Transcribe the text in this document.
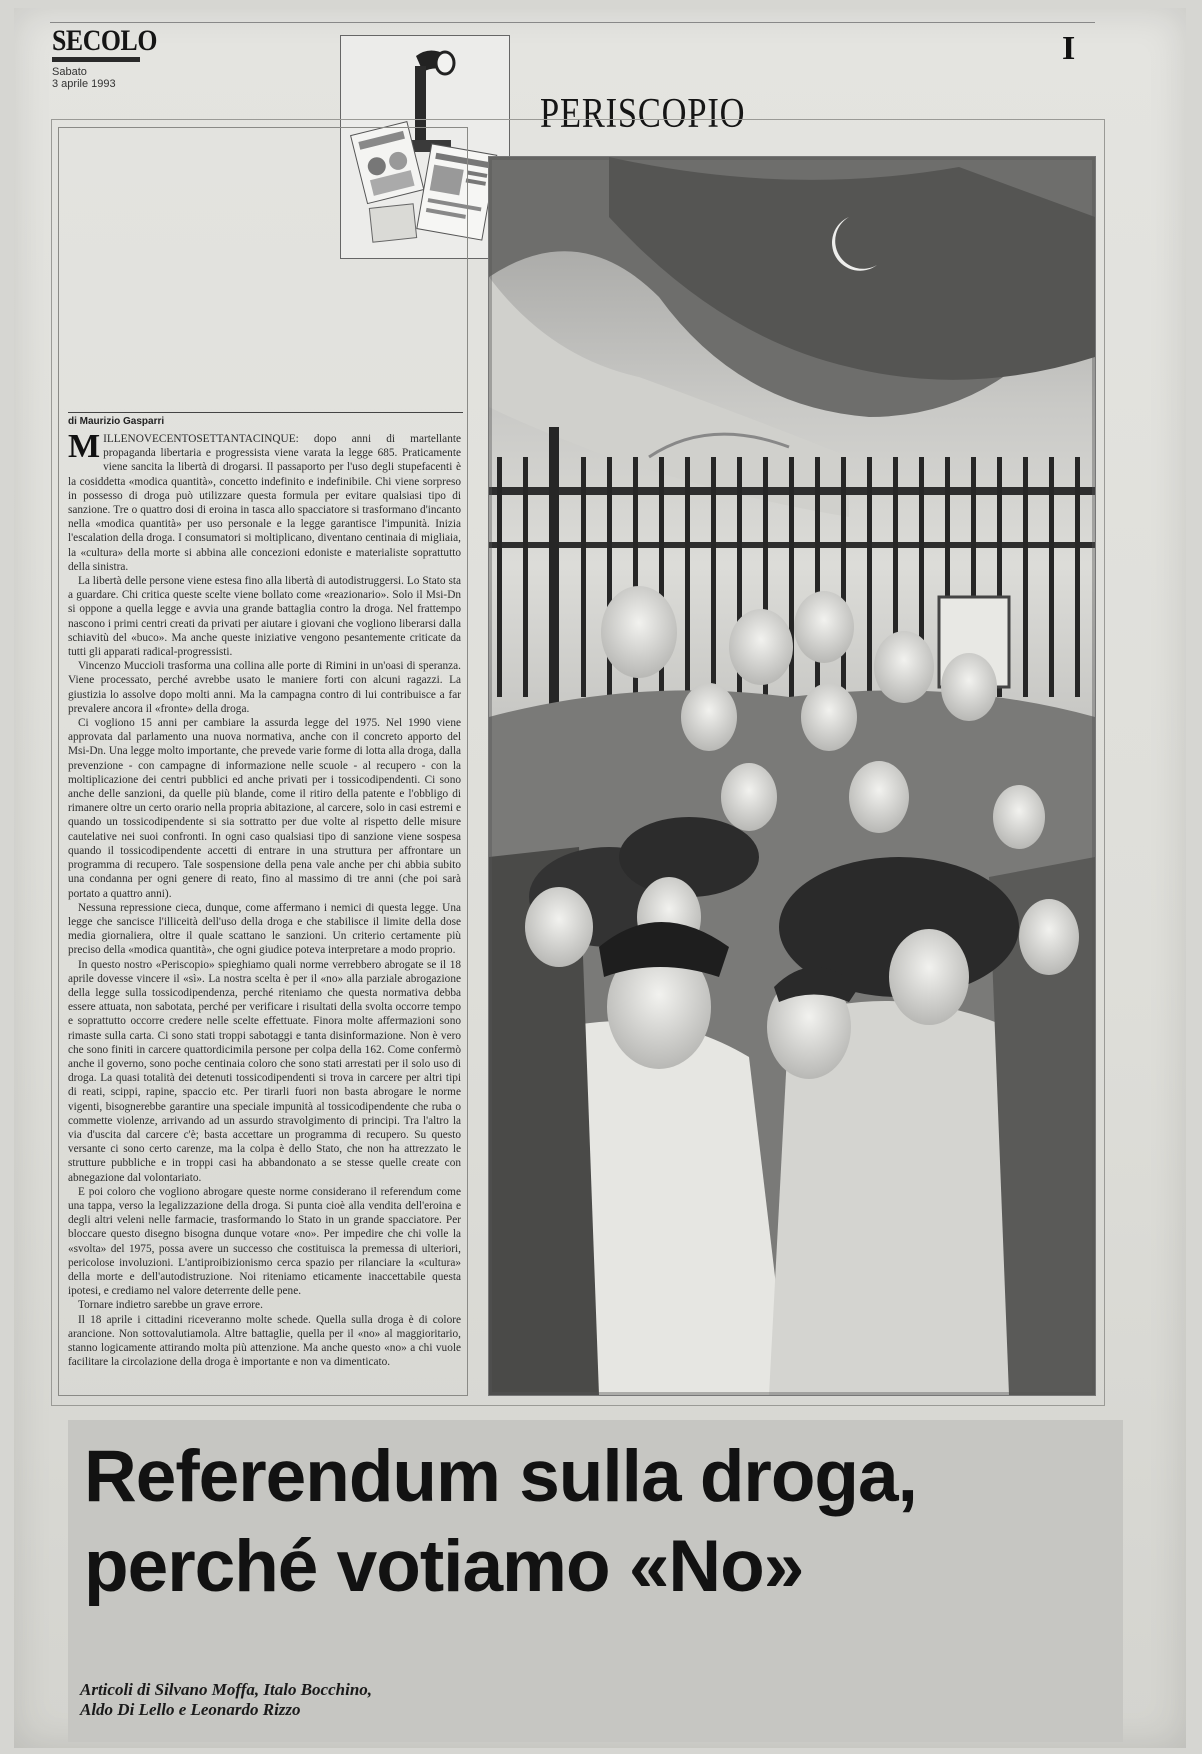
SECOLO
Sabato
3 aprile 1993
I
PERISCOPIO
di Maurizio Gasparri

MILLENOVECENTOSETTANTACINQUE: dopo anni di martellante propaganda libertaria e progressista viene varata la legge 685. Praticamente viene sancita la libertà di drogarsi. Il passaporto per l'uso degli stupefacenti è la cosiddetta «modica quantità», concetto indefinito e indefinibile. Chi viene sorpreso in possesso di droga può utilizzare questa formula per evitare qualsiasi tipo di sanzione. Tre o quattro dosi di eroina in tasca allo spacciatore si trasformano d'incanto nella «modica quantità» per uso personale e la legge garantisce l'impunità. Inizia l'escalation della droga. I consumatori si moltiplicano, diventano centinaia di migliaia, la «cultura» della morte si abbina alle concezioni edoniste e materialiste soprattutto della sinistra.

La libertà delle persone viene estesa fino alla libertà di autodistruggersi. Lo Stato sta a guardare. Chi critica queste scelte viene bollato come «reazionario». Solo il Msi-Dn si oppone a quella legge e avvia una grande battaglia contro la droga. Nel frattempo nascono i primi centri creati da privati per aiutare i giovani che vogliono liberarsi dalla schiavitù del «buco». Ma anche queste iniziative vengono pesantemente criticate da tutti gli apparati radical-progressisti.

Vincenzo Muccioli trasforma una collina alle porte di Rimini in un'oasi di speranza. Viene processato, perché avrebbe usato le maniere forti con alcuni ragazzi. La giustizia lo assolve dopo molti anni. Ma la campagna contro di lui contribuisce a far prevalere ancora il «fronte» della droga.

Ci vogliono 15 anni per cambiare la assurda legge del 1975. Nel 1990 viene approvata dal parlamento una nuova normativa, anche con il concreto apporto del Msi-Dn. Una legge molto importante, che prevede varie forme di lotta alla droga, dalla prevenzione - con campagne di informazione nelle scuole - al recupero - con la moltiplicazione dei centri pubblici ed anche privati per i tossicodipendenti. Ci sono anche delle sanzioni, da quelle più blande, come il ritiro della patente e l'obbligo di rimanere oltre un certo orario nella propria abitazione, al carcere, solo in casi estremi e quando un tossicodipendente si sia sottratto per due volte al rispetto delle misure cautelative nei suoi confronti. In ogni caso qualsiasi tipo di sanzione viene sospesa quando il tossicodipendente accetti di entrare in una struttura per affrontare un programma di recupero. Tale sospensione della pena vale anche per chi abbia subito una condanna per ogni genere di reato, fino al massimo di tre anni (che poi sarà portato a quattro anni).

Nessuna repressione cieca, dunque, come affermano i nemici di questa legge. Una legge che sancisce l'illiceità dell'uso della droga e che stabilisce il limite della dose media giornaliera, oltre il quale scattano le sanzioni. Un criterio certamente più preciso della «modica quantità», che ogni giudice poteva interpretare a modo proprio.

In questo nostro «Periscopio» spieghiamo quali norme verrebbero abrogate se il 18 aprile dovesse vincere il «sì». La nostra scelta è per il «no» alla parziale abrogazione della legge sulla tossicodipendenza, perché riteniamo che questa normativa debba essere attuata, non sabotata, perché per verificare i risultati della svolta occorre tempo e soprattutto occorre credere nelle scelte effettuate. Finora molte affermazioni sono rimaste sulla carta. Ci sono stati troppi sabotaggi e tanta disinformazione. Non è vero che sono finiti in carcere quattordicimila persone per colpa della 162. Come confermò anche il governo, sono poche centinaia coloro che sono stati arrestati per il solo uso di droga. La quasi totalità dei detenuti tossicodipendenti si trova in carcere per altri tipi di reati, scippi, rapine, spaccio etc. Per tirarli fuori non basta abrogare le norme vigenti, bisognerebbe garantire una speciale impunità al tossicodipendente che ruba o commette violenze, arrivando ad un assurdo stravolgimento di principi. Tra l'altro la via d'uscita dal carcere c'è; basta accettare un programma di recupero. Su questo versante ci sono certo carenze, ma la colpa è dello Stato, che non ha attrezzato le strutture pubbliche e in troppi casi ha abbandonato a se stesse quelle create con abnegazione dal volontariato.

E poi coloro che vogliono abrogare queste norme considerano il referendum come una tappa, verso la legalizzazione della droga. Si punta cioè alla vendita dell'eroina e degli altri veleni nelle farmacie, trasformando lo Stato in un grande spacciatore. Per bloccare questo disegno bisogna dunque votare «no». Per impedire che chi volle la «svolta» del 1975, possa avere un successo che costituisca la premessa di ulteriori, pericolose involuzioni. L'antiproibizionismo cerca spazio per rilanciare la «cultura» della morte e dell'autodistruzione. Noi riteniamo eticamente inaccettabile questa ipotesi, e crediamo nel valore deterrente delle pene.

Tornare indietro sarebbe un grave errore.

Il 18 aprile i cittadini riceveranno molte schede. Quella sulla droga è di colore arancione. Non sottovalutiamola. Altre battaglie, quella per il «no» al maggioritario, stanno logicamente attirando molta più attenzione. Ma anche questo «no» a chi vuole facilitare la circolazione della droga è importante e non va dimenticato.

Referendum sulla droga,
perché votiamo «No»
Articoli di Silvano Moffa, Italo Bocchino,
Aldo Di Lello e Leonardo Rizzo
